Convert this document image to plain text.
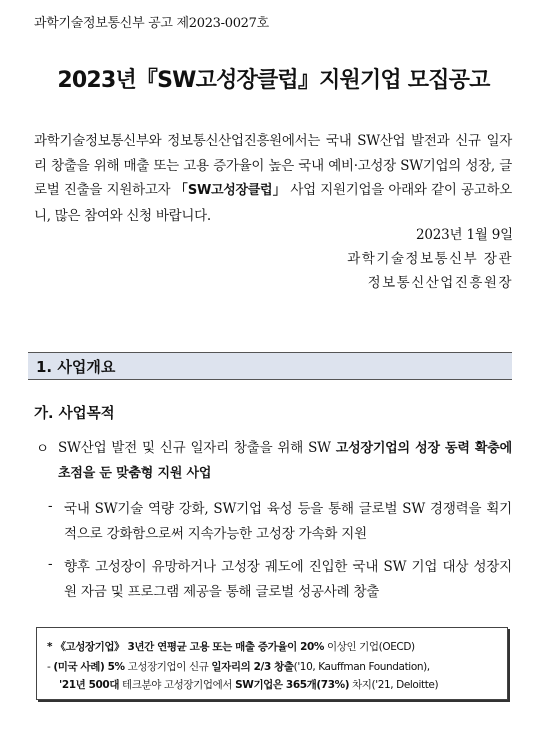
과학기술정보통신부 공고 제2023-0027호
2023년『SW고성장클럽』지원기업 모집공고
과학기술정보통신부와 정보통신산업진흥원에서는 국내 SW산업 발전과 신규 일자리 창출을 위해 매출 또는 고용 증가율이 높은 국내 예비·고성장 SW기업의 성장, 글로벌 진출을 지원하고자 「SW고성장클럽」 사업 지원기업을 아래와 같이 공고하오니, 많은 참여와 신청 바랍니다.
2023년 1월 9일
과학기술정보통신부 장관
정보통신산업진흥원장
1. 사업개요
가. 사업목적
ㅇ SW산업 발전 및 신규 일자리 창출을 위해 SW 고성장기업의 성장 동력 확충에 초점을 둔 맞춤형 지원 사업
- 국내 SW기술 역량 강화, SW기업 육성 등을 통해 글로벌 SW 경쟁력을 획기적으로 강화함으로써 지속가능한 고성장 가속화 지원
- 향후 고성장이 유망하거나 고성장 궤도에 진입한 국내 SW 기업 대상 성장지원 자금 및 프로그램 제공을 통해 글로벌 성공사례 창출
* 《고성장기업》 3년간 연평균 고용 또는 매출 증가율이 20% 이상인 기업(OECD)
- (미국 사례) 5% 고성장기업이 신규 일자리의 2/3 창출('10, Kauffman Foundation),
'21년 500대 테크분야 고성장기업에서 SW기업은 365개(73%) 차지('21, Deloitte)
